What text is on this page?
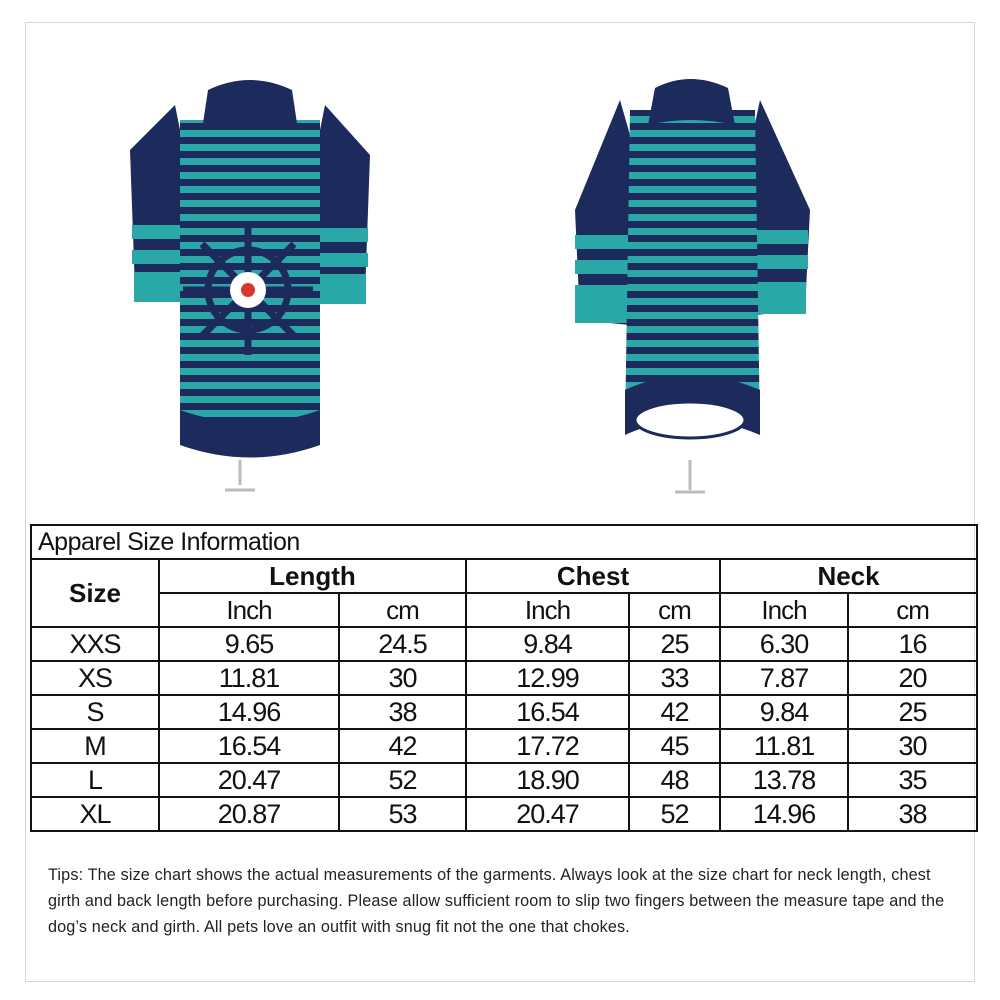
Apparel Size Information						
Size	Length		Chest		Neck	
	Inch	cm	Inch	cm	Inch	cm
XXS	9.65	24.5	9.84	25	6.30	16
XS	11.81	30	12.99	33	7.87	20
S	14.96	38	16.54	42	9.84	25
M	16.54	42	17.72	45	11.81	30
L	20.47	52	18.90	48	13.78	35
XL	20.87	53	20.47	52	14.96	38
Tips: The size chart shows the actual measurements of the garments. Always look at the size chart for neck length, chest girth and back length before purchasing. Please allow sufficient room to slip two fingers between the measure tape and the dog’s neck and girth. All pets love an outfit with snug fit not the one that chokes.
